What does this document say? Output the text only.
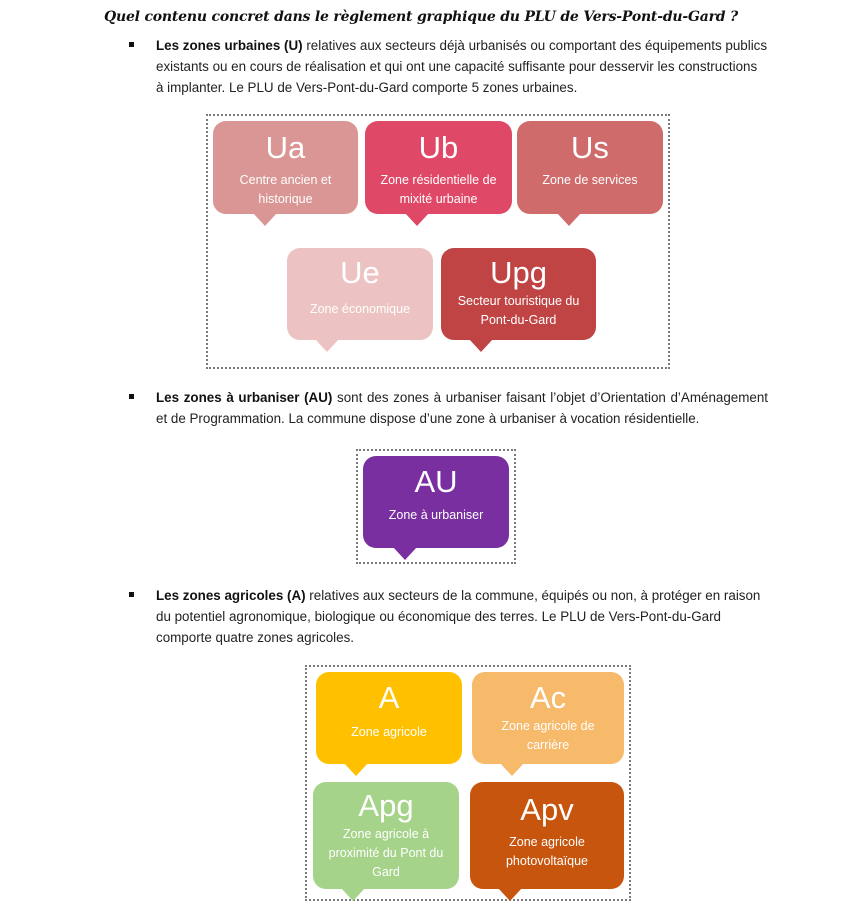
Quel contenu concret dans le règlement graphique du PLU de Vers-Pont-du-Gard ?
Les zones urbaines (U) relatives aux secteurs déjà urbanisés ou comportant des équipements publics existants ou en cours de réalisation et qui ont une capacité suffisante pour desservir les constructions à implanter. Le PLU de Vers-Pont-du-Gard comporte 5 zones urbaines.
Ua
Centre ancien et historique
Ub
Zone résidentielle de mixité urbaine
Us
Zone de services
Ue
Zone économique
Upg
Secteur touristique du Pont-du-Gard
Les zones à urbaniser (AU) sont des zones à urbaniser faisant l’objet d’Orientation d’Aménagement et de Programmation. La commune dispose d’une zone à urbaniser à vocation résidentielle.
AU
Zone à urbaniser
Les zones agricoles (A) relatives aux secteurs de la commune, équipés ou non, à protéger en raison du potentiel agronomique, biologique ou économique des terres. Le PLU de Vers-Pont-du-Gard comporte quatre zones agricoles.
A
Zone agricole
Ac
Zone agricole de carrière
Apg
Zone agricole à proximité du Pont du Gard
Apv
Zone agricole photovoltaïque
